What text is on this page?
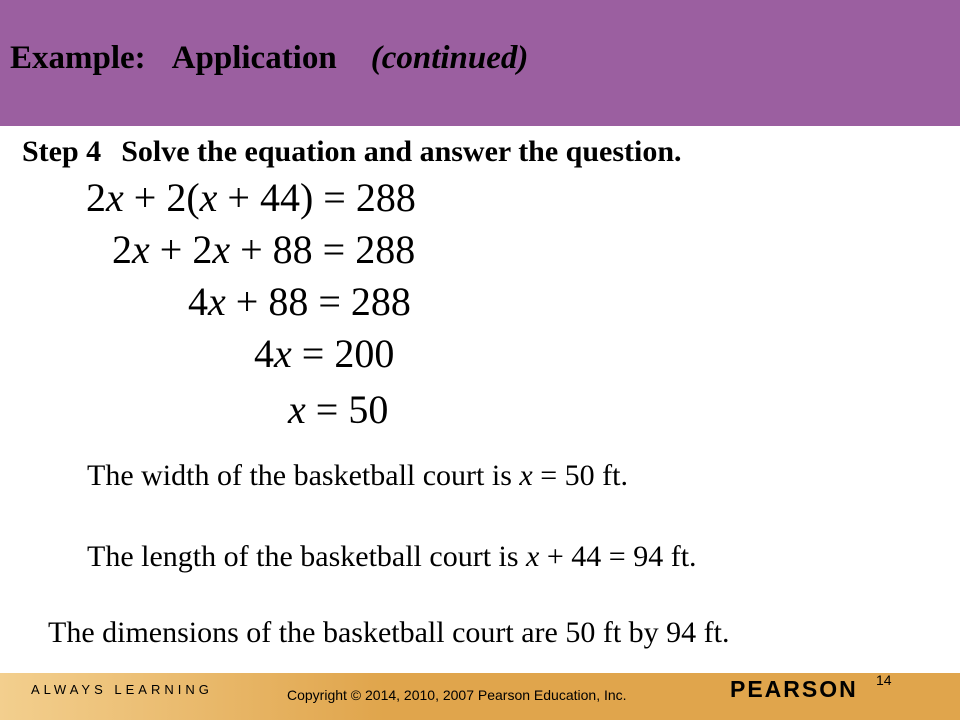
Example: Application (continued)
Step 4 Solve the equation and answer the question.
2x + 2(x + 44) = 288
2x + 2x + 88 = 288
4x + 88 = 288
4x = 200
x = 50
The width of the basketball court is x = 50 ft.
The length of the basketball court is x + 44 = 94 ft.
The dimensions of the basketball court are 50 ft by 94 ft.
ALWAYS LEARNING	Copyright © 2014, 2010, 2007 Pearson Education, Inc.	PEARSON 14
